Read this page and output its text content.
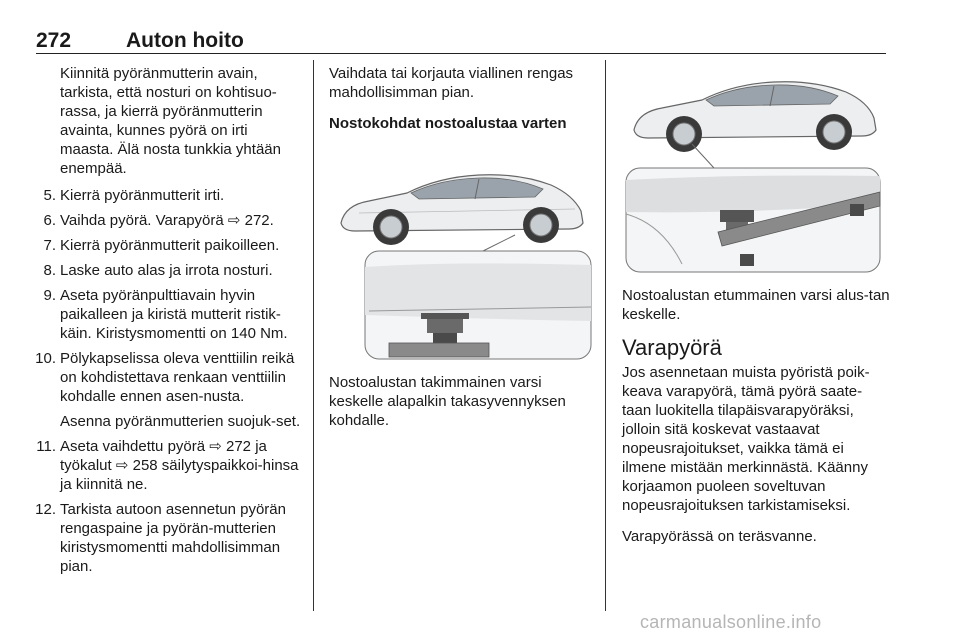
272	Auton hoito
Kiinnitä pyöränmutterin avain, tarkista, että nosturi on kohtisuo-rassa, ja kierrä pyöränmutterin avainta, kunnes pyörä on irti maasta. Älä nosta tunkkia yhtään enempää.
5. Kierrä pyöränmutterit irti.
6. Vaihda pyörä. Varapyörä ⇨ 272.
7. Kierrä pyöränmutterit paikoilleen.
8. Laske auto alas ja irrota nosturi.
9. Aseta pyöränpulttiavain hyvin paikalleen ja kiristä mutterit ristik-käin. Kiristysmomentti on 140 Nm.
10. Pölykapselissa oleva venttiilin reikä on kohdistettava renkaan venttiilin kohdalle ennen asen-nusta.
Asenna pyöränmutterien suojuk-set.
11. Aseta vaihdettu pyörä ⇨ 272 ja työkalut ⇨ 258 säilytyspaikkoi-hinsa ja kiinnitä ne.
12. Tarkista autoon asennetun pyörän rengaspaine ja pyörän-mutterien kiristysmomentti mahdollisimman pian.
Vaihdata tai korjauta viallinen rengas mahdollisimman pian.
Nostokohdat nostoalustaa varten
Nostoalustan takimmainen varsi keskelle alapalkin takasyvennyksen kohdalle.
Nostoalustan etummainen varsi alus-tan keskelle.
Varapyörä
Jos asennetaan muista pyöristä poik-keava varapyörä, tämä pyörä saate-taan luokitella tilapäisvarapyöräksi, jolloin sitä koskevat vastaavat nopeusrajoitukset, vaikka tämä ei ilmene mistään merkinnästä. Käänny korjaamon puoleen soveltuvan nopeusrajoituksen tarkistamiseksi.
Varapyörässä on teräsvanne.
carmanualsonline.info
